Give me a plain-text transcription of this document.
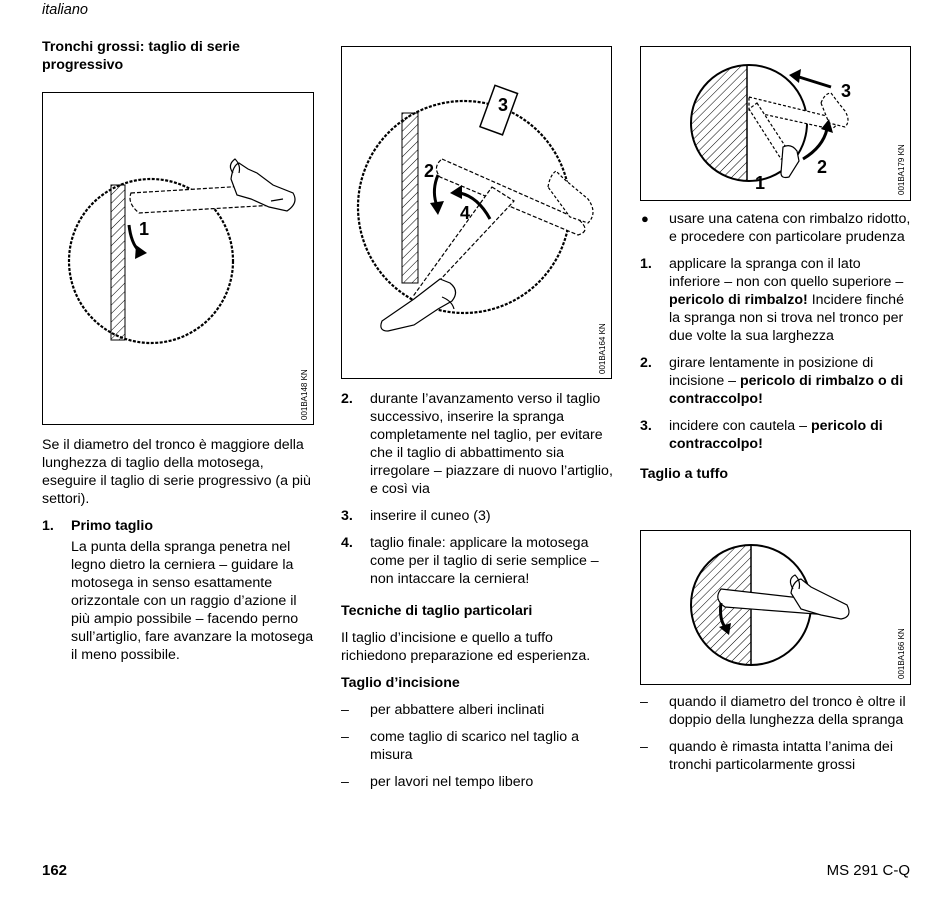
italiano
Tronchi grossi: taglio di serie progressivo
1
001BA148 KN

Se il diametro del tronco è maggiore della lunghezza di taglio della motosega, eseguire il taglio di serie progressivo (a più settori).

1. Primo taglio
La punta della spranga penetra nel legno dietro la cerniera – guidare la motosega in senso esattamente orizzontale con un raggio d’azione il più ampio possibile – facendo perno sull’artiglio, fare avanzare la motosega il meno possibile.
3
2
4
001BA164 KN
2. durante l’avanzamento verso il taglio successivo, inserire la spranga completamente nel taglio, per evitare che il taglio di abbattimento sia irregolare – piazzare di nuovo l’artiglio, e così via
3. inserire il cuneo (3)
4. taglio finale: applicare la motosega come per il taglio di serie semplice – non intaccare la cerniera!
Tecniche di taglio particolari

Il taglio d’incisione e quello a tuffo richiedono preparazione ed esperienza.

Taglio d’incisione
– per abbattere alberi inclinati
– come taglio di scarico nel taglio a misura
– per lavori nel tempo libero
3
2
1	001BA179 KN
● usare una catena con rimbalzo ridotto, e procedere con particolare prudenza
1. applicare la spranga con il lato inferiore – non con quello superiore – pericolo di rimbalzo! Incidere finché la spranga non si trova nel tronco per due volte la sua larghezza
2. girare lentamente in posizione di incisione – pericolo di rimbalzo o di contraccolpo!
3. incidere con cautela – pericolo di contraccolpo!
Taglio a tuffo
001BA166 KN
– quando il diametro del tronco è oltre il doppio della lunghezza della spranga
– quando è rimasta intatta l’anima dei tronchi particolarmente grossi
162	MS 291 C-Q
